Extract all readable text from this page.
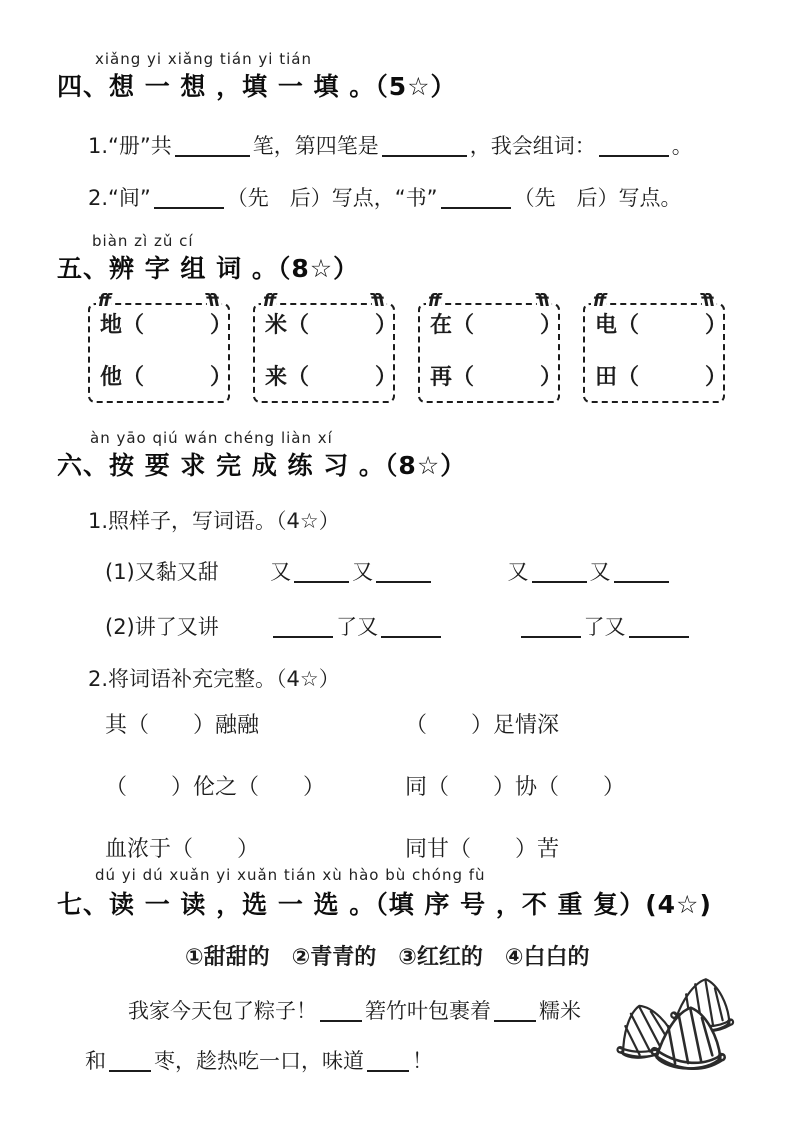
xiǎng yi xiǎng tián yi tián
四、想 一 想 ，填 一 填 。（5☆）
1.“册”共	笔，第四笔是	，我会组词：	。
2.“间”	（先　后）写点，“书”	（先　后）写点。
biàn zì zǔ cí
五、辨 字 组 词 。（8☆）
ff	ff
地（　　　）
他（　　　）
ff	ff
米（　　　）
来（　　　）
ff	ff
在（　　　）
再（　　　）
ff	ff
电（　　　）
田（　　　）
àn yāo qiú wán chéng liàn xí
六、按 要 求 完 成 练 习 。（8☆）
1.照样子，写词语。（4☆）
(1)又黏又甜 又	又	又	又
(2)讲了又讲	了又	了又
2.将词语补充完整。（4☆）
其（　　）融融	（　　）足情深
（　　）伦之（　　）	同（　　）协（　　）
血浓于（　　）	同甘（　　）苦
dú yi dú xuǎn yi xuǎn tián xù hào bù chóng fù
七、读 一 读 ，选 一 选 。（填 序 号 ，不 重 复）(4☆)
①甜甜的 ②青青的 ③红红的 ④白白的
我家今天包了粽子！ 箬竹叶包裹着 糯米
和 枣，趁热吃一口，味道 ！
